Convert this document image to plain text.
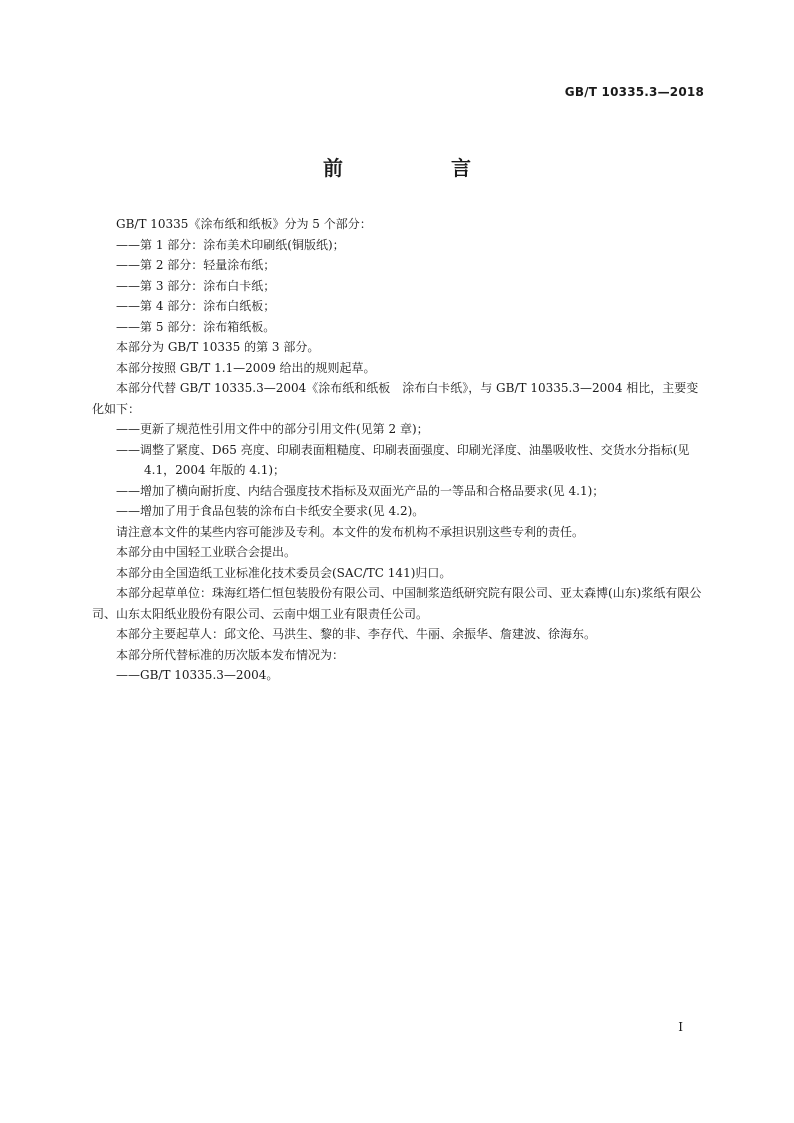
GB/T 10335.3—2018
前　言

GB/T 10335《涂布纸和纸板》分为 5 个部分：

——第 1 部分：涂布美术印刷纸(铜版纸)；

——第 2 部分：轻量涂布纸；

——第 3 部分：涂布白卡纸；

——第 4 部分：涂布白纸板；

——第 5 部分：涂布箱纸板。

本部分为 GB/T 10335 的第 3 部分。

本部分按照 GB/T 1.1—2009 给出的规则起草。

本部分代替 GB/T 10335.3—2004《涂布纸和纸板　涂布白卡纸》，与 GB/T 10335.3—2004 相比，主要变化如下：

——更新了规范性引用文件中的部分引用文件(见第 2 章)；

——调整了紧度、D65 亮度、印刷表面粗糙度、印刷表面强度、印刷光泽度、油墨吸收性、交货水分指标(见 4.1，2004 年版的 4.1)；

——增加了横向耐折度、内结合强度技术指标及双面光产品的一等品和合格品要求(见 4.1)；

——增加了用于食品包装的涂布白卡纸安全要求(见 4.2)。

请注意本文件的某些内容可能涉及专利。本文件的发布机构不承担识别这些专利的责任。

本部分由中国轻工业联合会提出。

本部分由全国造纸工业标准化技术委员会(SAC/TC 141)归口。

本部分起草单位：珠海红塔仁恒包装股份有限公司、中国制浆造纸研究院有限公司、亚太森博(山东)浆纸有限公司、山东太阳纸业股份有限公司、云南中烟工业有限责任公司。

本部分主要起草人：邱文伦、马洪生、黎的非、李存代、牛丽、余振华、詹建波、徐海东。

本部分所代替标准的历次版本发布情况为：

——GB/T 10335.3—2004。

I
